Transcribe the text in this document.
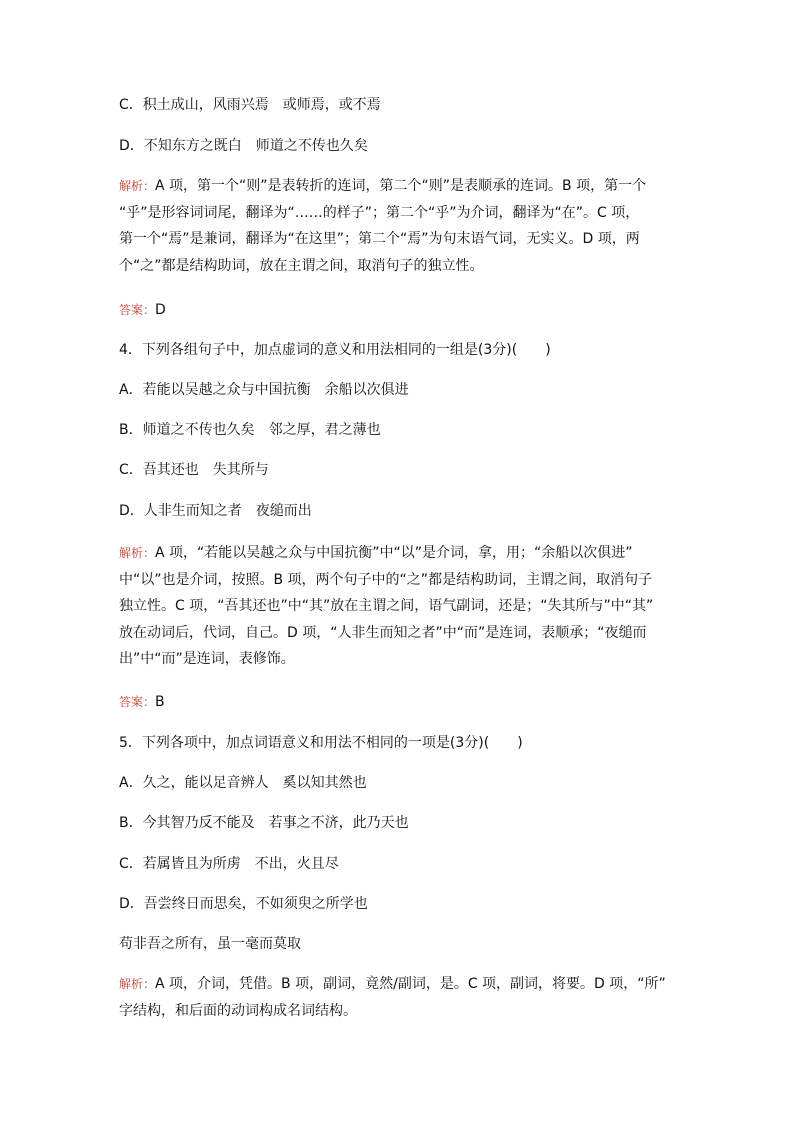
C．积土成山，风雨兴焉　或师焉，或不焉
D．不知东方之既白　师道之不传也久矣
解析：A 项，第一个“则”是表转折的连词，第二个“则”是表顺承的连词。B 项，第一个
“乎”是形容词词尾，翻译为“……的样子”；第二个“乎”为介词，翻译为“在”。C 项，
第一个“焉”是兼词，翻译为“在这里”；第二个“焉”为句末语气词，无实义。D 项，两
个“之”都是结构助词，放在主谓之间，取消句子的独立性。
答案：D
4．下列各组句子中，加点虚词的意义和用法相同的一组是(3分)(　　)
A．若能以吴越之众与中国抗衡　余船以次俱进
B．师道之不传也久矣　邻之厚，君之薄也
C．吾其还也　失其所与
D．人非生而知之者　夜缒而出
解析：A 项，“若能以吴越之众与中国抗衡”中“以”是介词，拿，用；“余船以次俱进”
中“以”也是介词，按照。B 项，两个句子中的“之”都是结构助词，主谓之间，取消句子
独立性。C 项，“吾其还也”中“其”放在主谓之间，语气副词，还是；“失其所与”中“其”
放在动词后，代词，自己。D 项，“人非生而知之者”中“而”是连词，表顺承；“夜缒而
出”中“而”是连词，表修饰。
答案：B
5．下列各项中，加点词语意义和用法不相同的一项是(3分)(　　)
A．久之，能以足音辨人　奚以知其然也
B．今其智乃反不能及　若事之不济，此乃天也
C．若属皆且为所虏　不出，火且尽
D．吾尝终日而思矣，不如须臾之所学也
苟非吾之所有，虽一毫而莫取
解析：A 项，介词，凭借。B 项，副词，竟然/副词，是。C 项，副词，将要。D 项，“所”
字结构，和后面的动词构成名词结构。
